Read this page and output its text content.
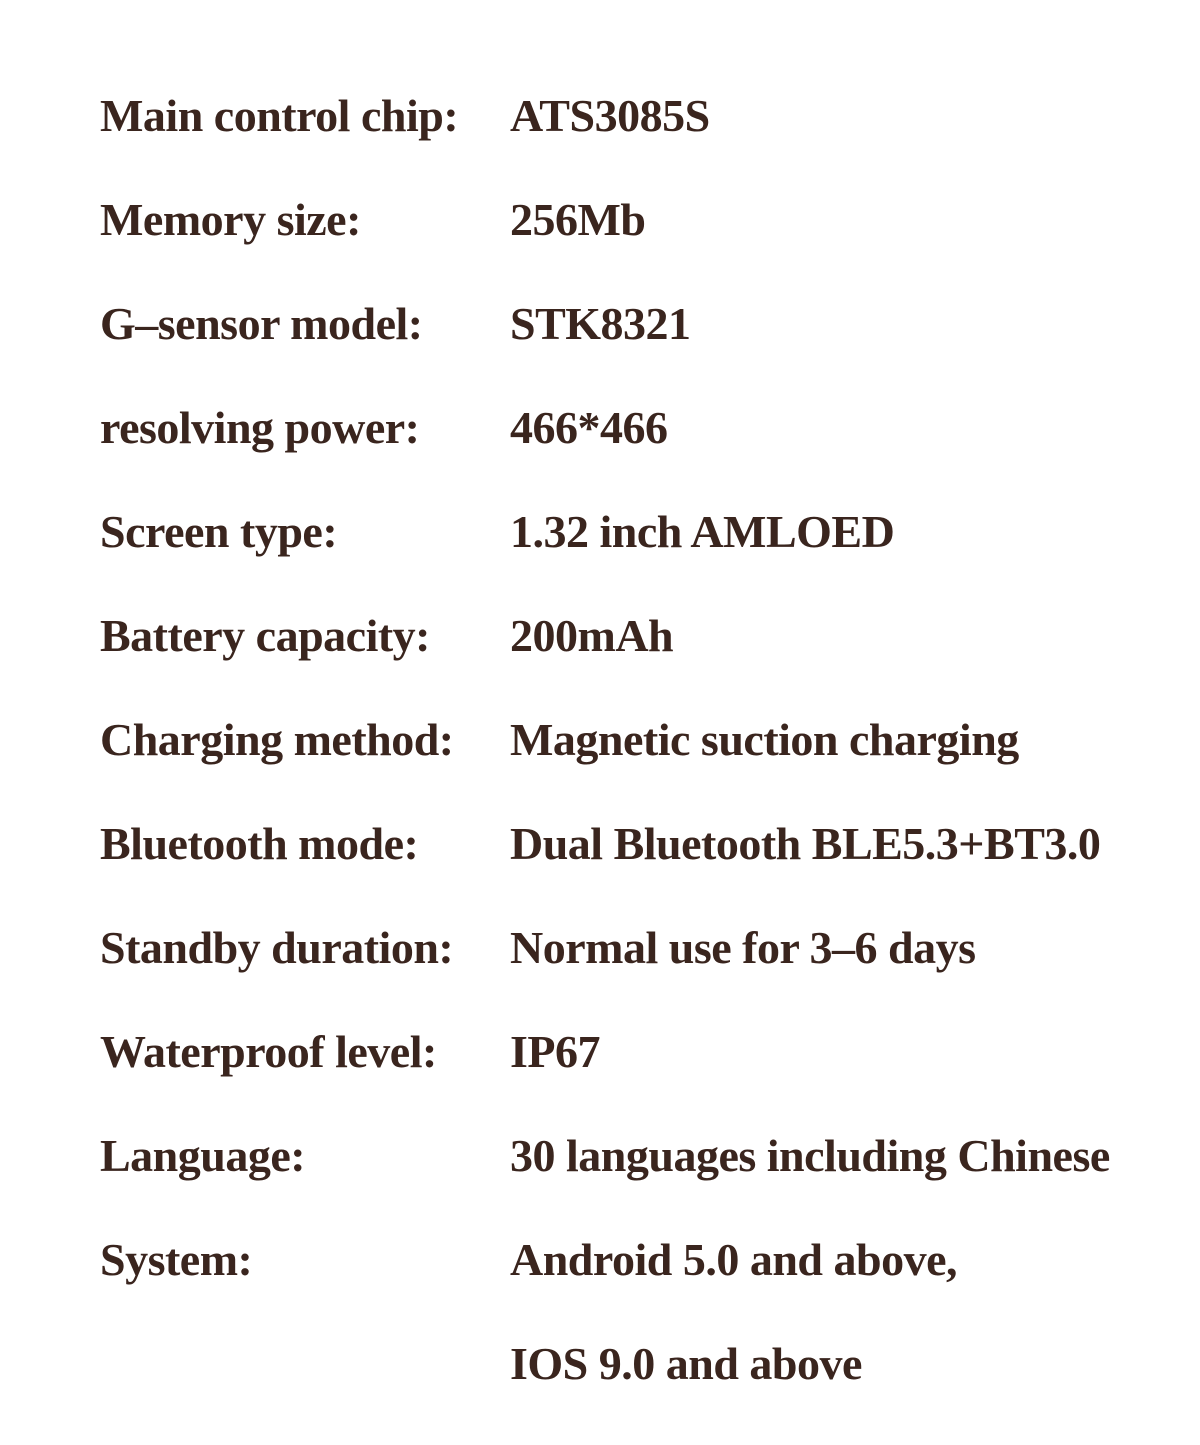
Main control chip:	ATS3085S
Memory size:	256Mb
G–sensor model:	STK8321
resolving power:	466*466
Screen type:	1.32 inch AMLOED
Battery capacity:	200mAh
Charging method:	Magnetic suction charging
Bluetooth mode:	Dual Bluetooth BLE5.3+BT3.0
Standby duration:	Normal use for 3–6 days
Waterproof level:	IP67
Language:	30 languages including Chinese
System:	Android 5.0 and above,
IOS 9.0 and above
